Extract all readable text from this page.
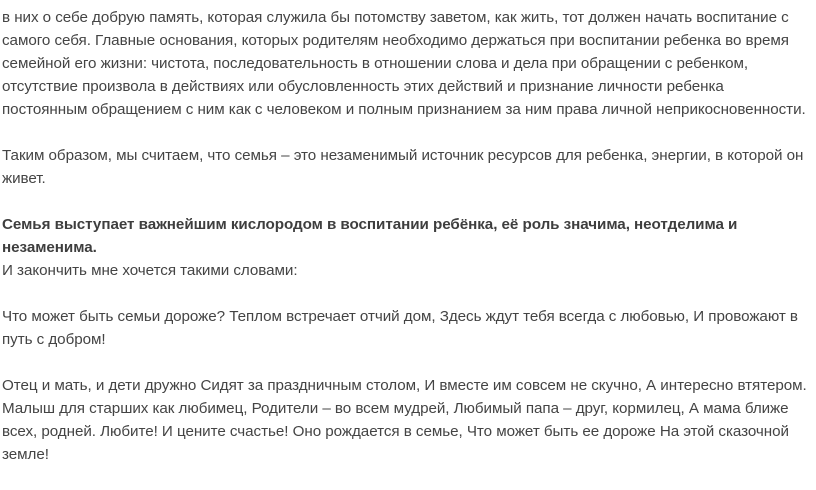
в них о себе добрую память, которая служила бы потомству заветом, как жить, тот должен начать воспитание с самого себя. Главные основания, которых родителям необходимо держаться при воспитании ребенка во время семейной его жизни: чистота, последовательность в отношении слова и дела при обращении с ребенком, отсутствие произвола в действиях или обусловленность этих действий и признание личности ребенка постоянным обращением с ним как с человеком и полным признанием за ним права личной неприкосновенности.

Таким образом, мы считаем, что семья – это незаменимый источник ресурсов для ребенка, энергии, в которой он живет.

Семья выступает важнейшим кислородом в воспитании ребёнка, её роль значима, неотделима и незаменима.

И закончить мне хочется такими словами:

Что может быть семьи дороже? Теплом встречает отчий дом, Здесь ждут тебя всегда с любовью, И провожают в путь с добром!

Отец и мать, и дети дружно Сидят за праздничным столом, И вместе им совсем не скучно, А интересно втятером. Малыш для старших как любимец, Родители – во всем мудрей, Любимый папа – друг, кормилец, А мама ближе всех, родней. Любите! И цените счастье! Оно рождается в семье, Что может быть ее дороже На этой сказочной земле!
